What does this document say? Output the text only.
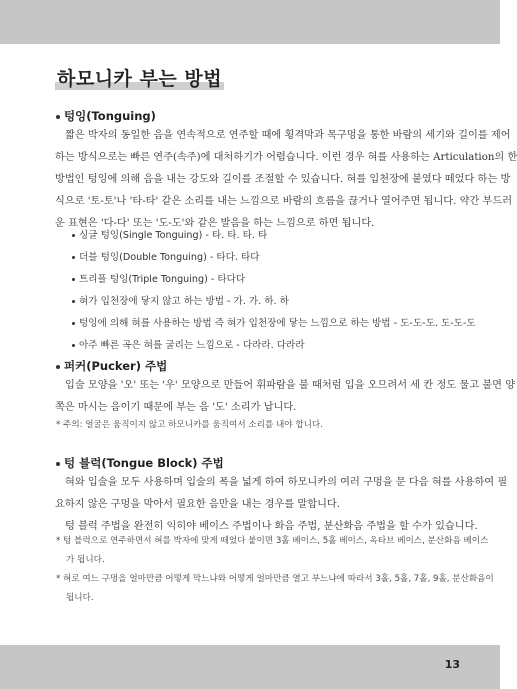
하모니카 부는 방법
텅잉(Tonguing)
짧은 박자의 동일한 음을 연속적으로 연주할 때에 횡격막과 목구멍을 통한 바람의 세기와 길이를 제어
하는 방식으로는 빠른 연주(속주)에 대처하기가 어렵습니다. 이런 경우 혀를 사용하는 Articulation의 한
방법인 텅잉에 의해 음을 내는 강도와 길이를 조절할 수 있습니다. 혀를 입천장에 붙였다 떼었다 하는 방
식으로 '토-토'나 '타-타' 같은 소리를 내는 느낌으로 바람의 흐름을 끊거나 열어주면 됩니다. 약간 부드러
운 표현은 '다-다' 또는 '도-도'와 같은 발음을 하는 느낌으로 하면 됩니다.
싱글 텅잉(Single Tonguing) - 타. 타. 타. 타
더블 텅잉(Double Tonguing) - 타다. 타다
트리플 텅잉(Triple Tonguing) - 타다다
혀가 입천장에 닿지 않고 하는 방법 - 가. 가. 하. 하
텅잉에 의해 혀를 사용하는 방법 즉 혀가 입천장에 닿는 느낌으로 하는 방법 - 도-도-도. 도-도-도
아주 빠른 곡은 혀를 굴리는 느낌으로 - 다라라. 다라라
퍼커(Pucker) 주법
입술 모양을 '오' 또는 '우' 모양으로 만들어 휘파람을 불 때처럼 입을 오므려서 세 칸 정도 물고 불면 양
쪽은 마시는 음이기 때문에 부는 음 '도' 소리가 납니다.
* 주의: 얼굴은 움직이지 않고 하모니카를 움직여서 소리를 내야 합니다.
텅 블럭(Tongue Block) 주법
혀와 입술을 모두 사용하며 입술의 폭을 넓게 하여 하모니카의 여러 구멍을 문 다음 혀를 사용하여 필
요하지 않은 구멍을 막아서 필요한 음만을 내는 경우를 말합니다.
텅 블럭 주법을 완전히 익히야 베이스 주법이나 화음 주법, 분산화음 주법을 할 수가 있습니다.
* 텅 블럭으로 연주하면서 혀를 박자에 맞게 떼었다 붙이면 3홀 베이스, 5홀 베이스, 옥타브 베이스, 분산화음 베이스
가 됩니다.
* 혀로 여느 구멍을 얼마만큼 어떻게 막느냐와 어떻게 얼마만큼 열고 부느냐에 따라서 3홀, 5홀, 7홀, 9홀, 분산화음이
됩니다.
13
